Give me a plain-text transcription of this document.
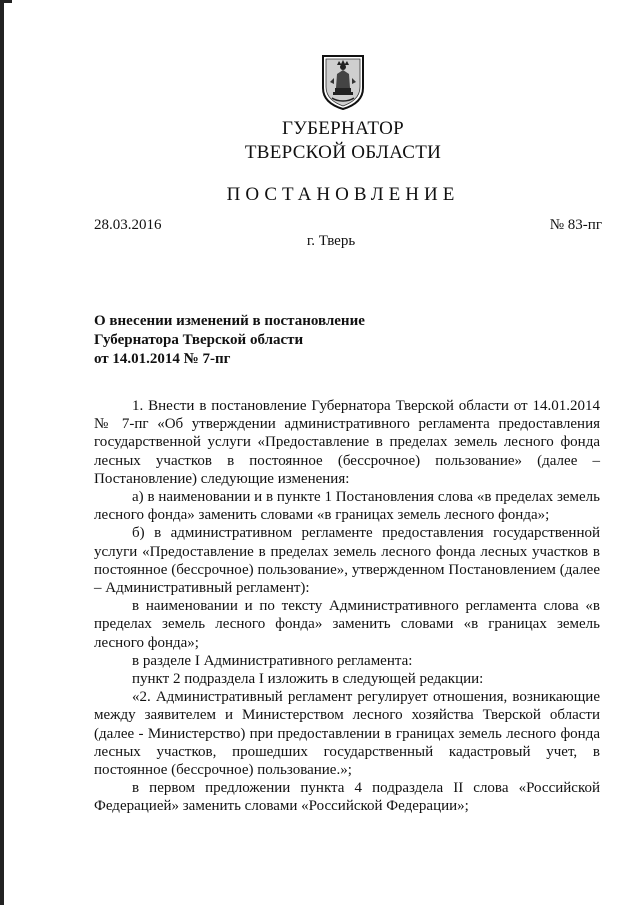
ГУБЕРНАТОР
ТВЕРСКОЙ ОБЛАСТИ
ПОСТАНОВЛЕНИЕ
28.03.2016	№ 83-пг
г. Тверь
О внесении изменений в постановление
Губернатора Тверской области
от 14.01.2014 № 7-пг

1. Внести в постановление Губернатора Тверской области от 14.01.2014 № 7-пг «Об утверждении административного регламента предоставления государственной услуги «Предоставление в пределах земель лесного фонда лесных участков в постоянное (бессрочное) пользование» (далее – Постановление) следующие изменения:

а) в наименовании и в пункте 1 Постановления слова «в пределах земель лесного фонда» заменить словами «в границах земель лесного фонда»;

б) в административном регламенте предоставления государственной услуги «Предоставление в пределах земель лесного фонда лесных участков в постоянное (бессрочное) пользование», утвержденном Постановлением (далее – Административный регламент):

в наименовании и по тексту Административного регламента слова «в пределах земель лесного фонда» заменить словами «в границах земель лесного фонда»;

в разделе I Административного регламента:

пункт 2 подраздела I изложить в следующей редакции:

«2. Административный регламент регулирует отношения, возникающие между заявителем и Министерством лесного хозяйства Тверской области (далее - Министерство) при предоставлении в границах земель лесного фонда лесных участков, прошедших государственный кадастровый учет, в постоянное (бессрочное) пользование.»;

в первом предложении пункта 4 подраздела II слова «Российской Федерацией» заменить словами «Российской Федерации»;
